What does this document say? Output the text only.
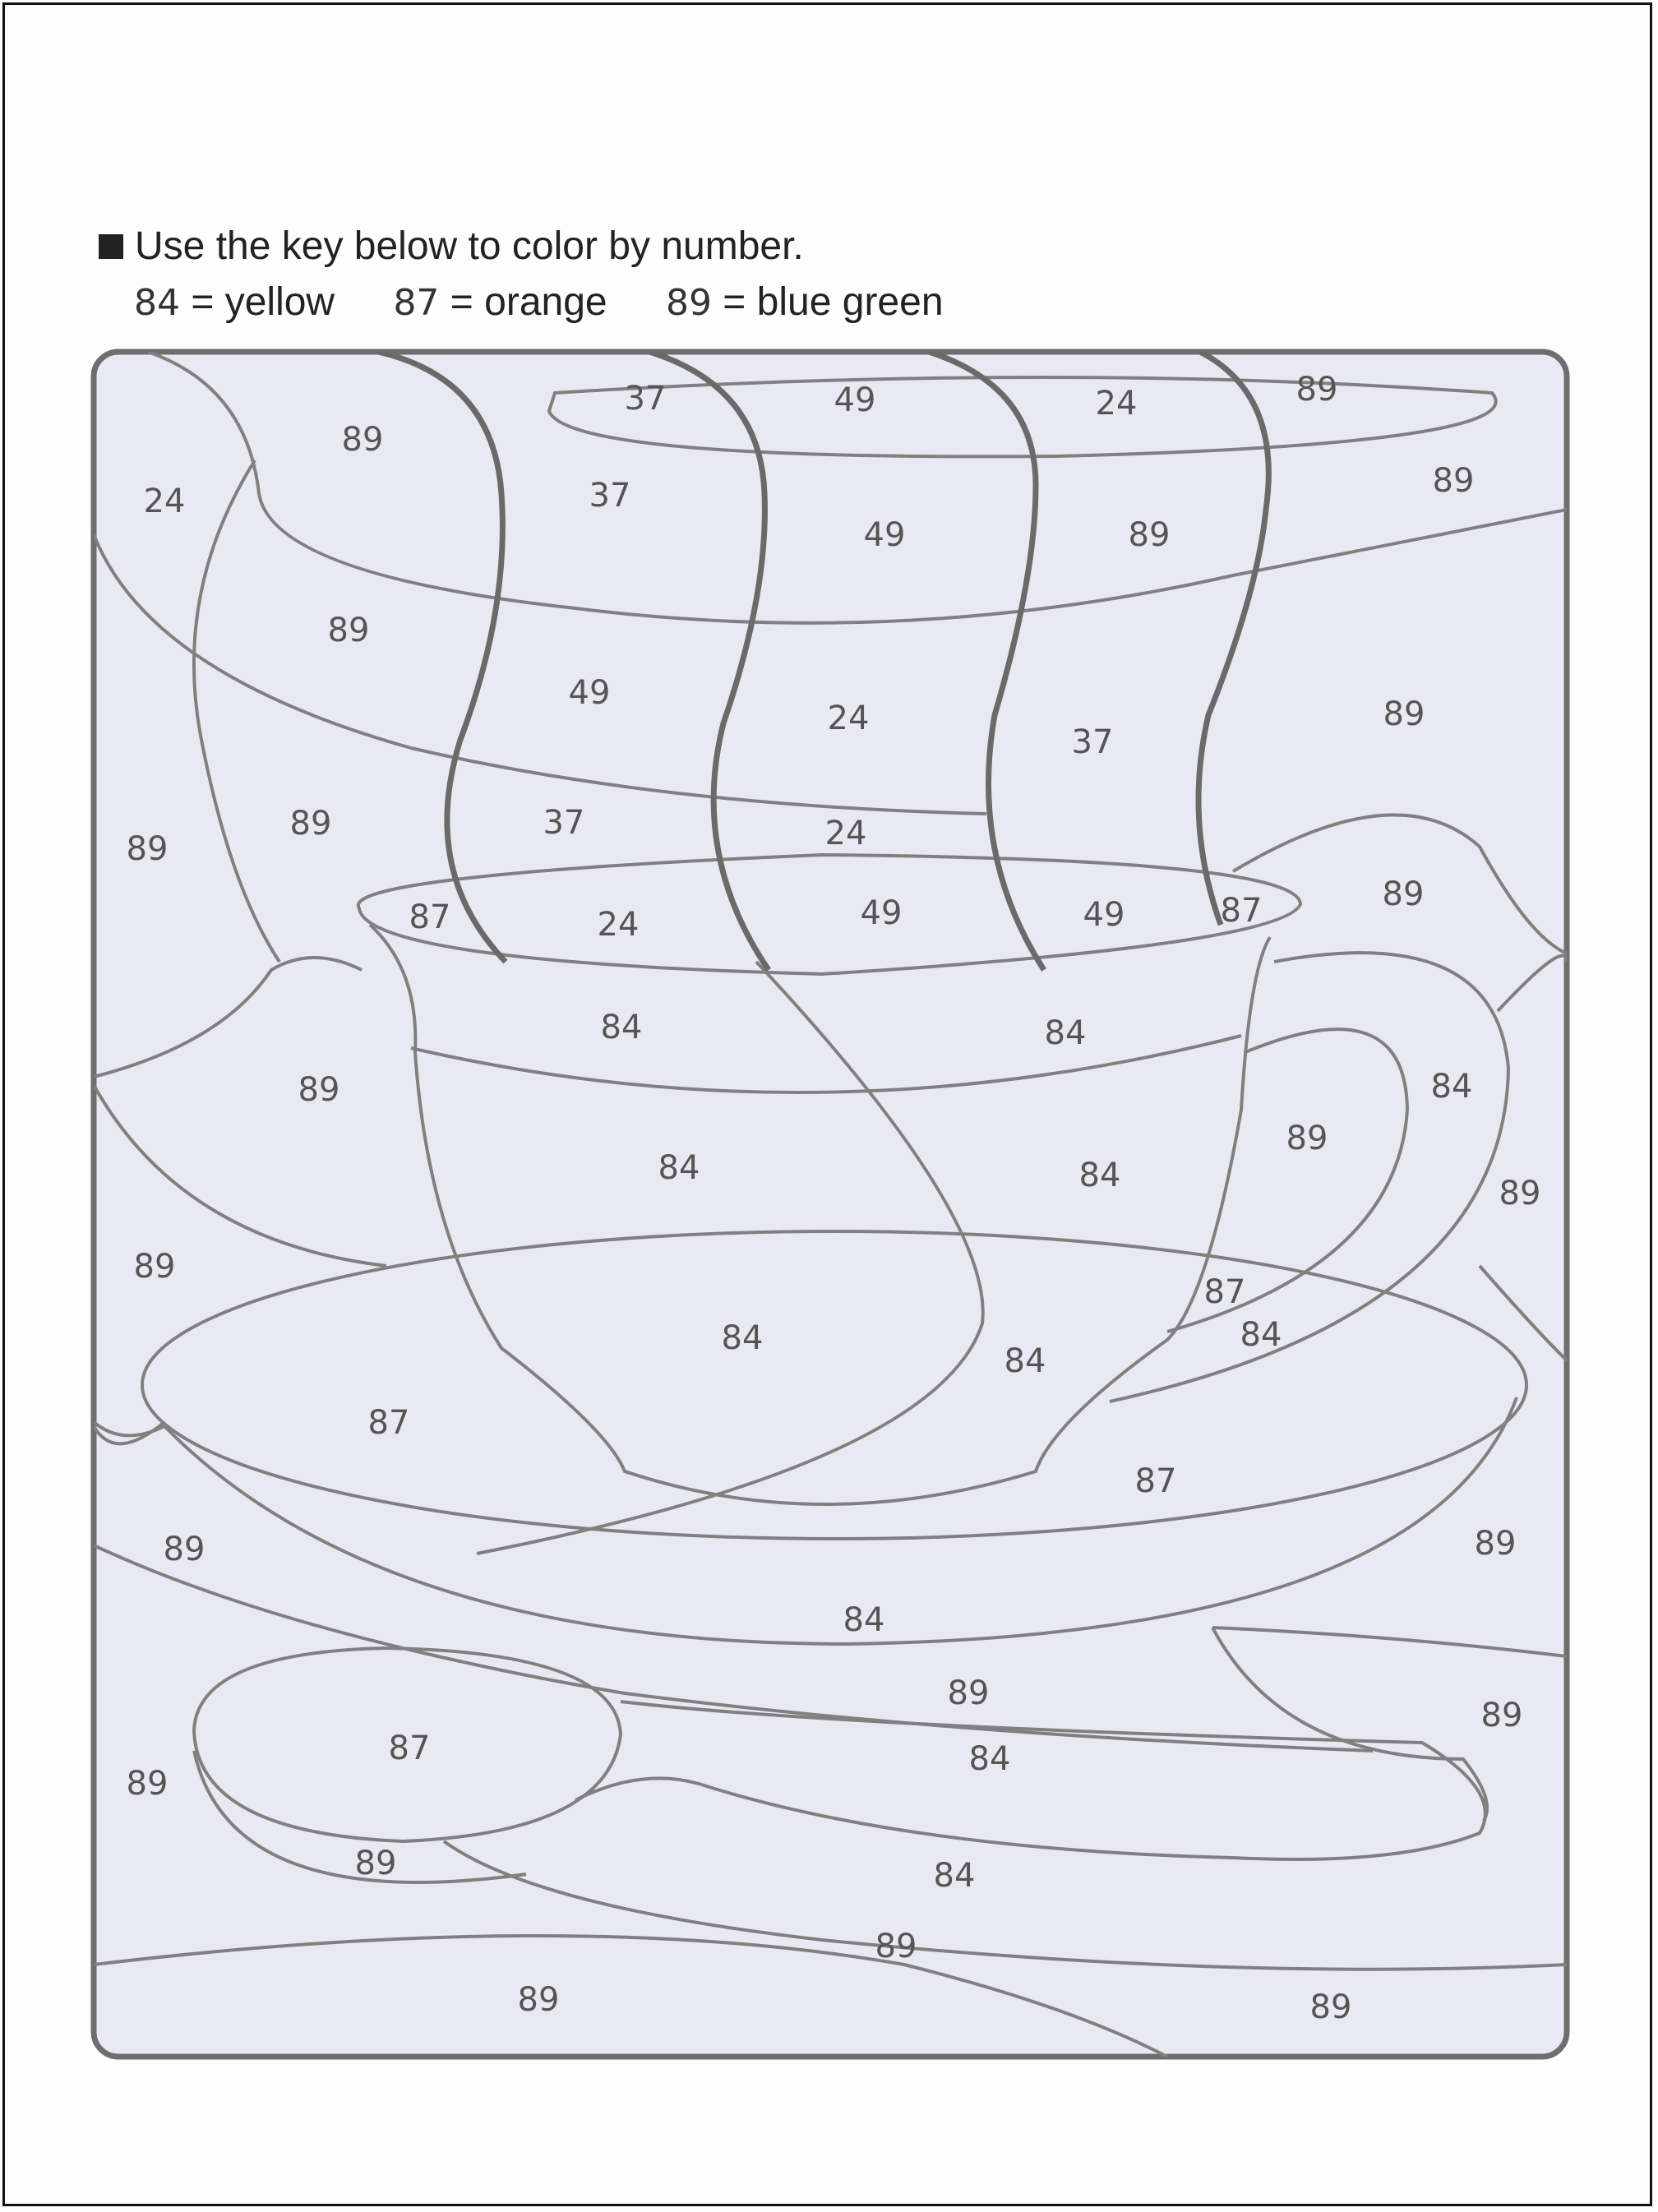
Use the key below to color by number.
84 = yellow 87 = orange 89 = blue green
37	49	24	89
89
89
24	37
49	89
89
49
24
37
89
89
89
37	24
89
87	24	49	49	87
89
84	84
84
89
84	84	89
89
87
84
84
84
87
87
89	89
84
89
87
89
84
89
89	84
89	89
89
